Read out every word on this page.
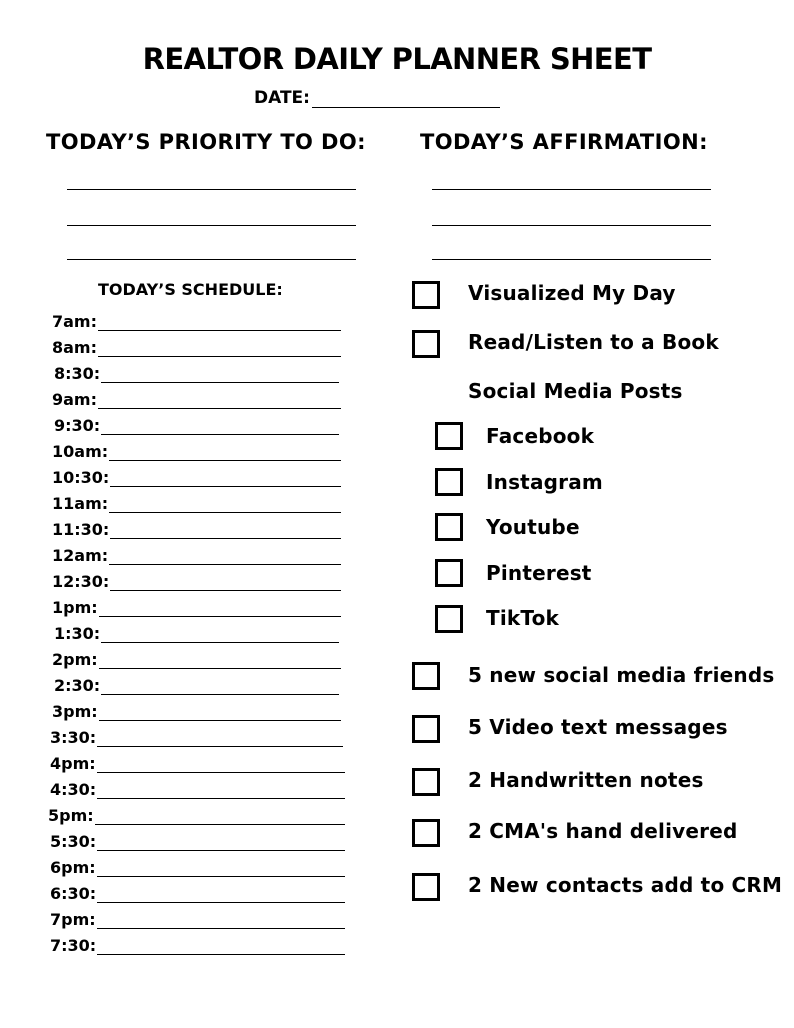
REALTOR DAILY PLANNER SHEET
DATE:
TODAY’S PRIORITY TO DO:	TODAY’S AFFIRMATION:
TODAY’S SCHEDULE:
7am:
8am:
8:30:
9am:
9:30:
10am:
10:30:
11am:
11:30:
12am:
12:30:
1pm:
1:30:
2pm:
2:30:
3pm:
3:30:
4pm:
4:30:
5pm:
5:30:
6pm:
6:30:
7pm:
7:30:
Visualized My Day
Read/Listen to a Book
Social Media Posts
Facebook
Instagram
Youtube
Pinterest
TikTok
5 new social media friends
5 Video text messages
2 Handwritten notes
2 CMA's hand delivered
2 New contacts add to CRM
